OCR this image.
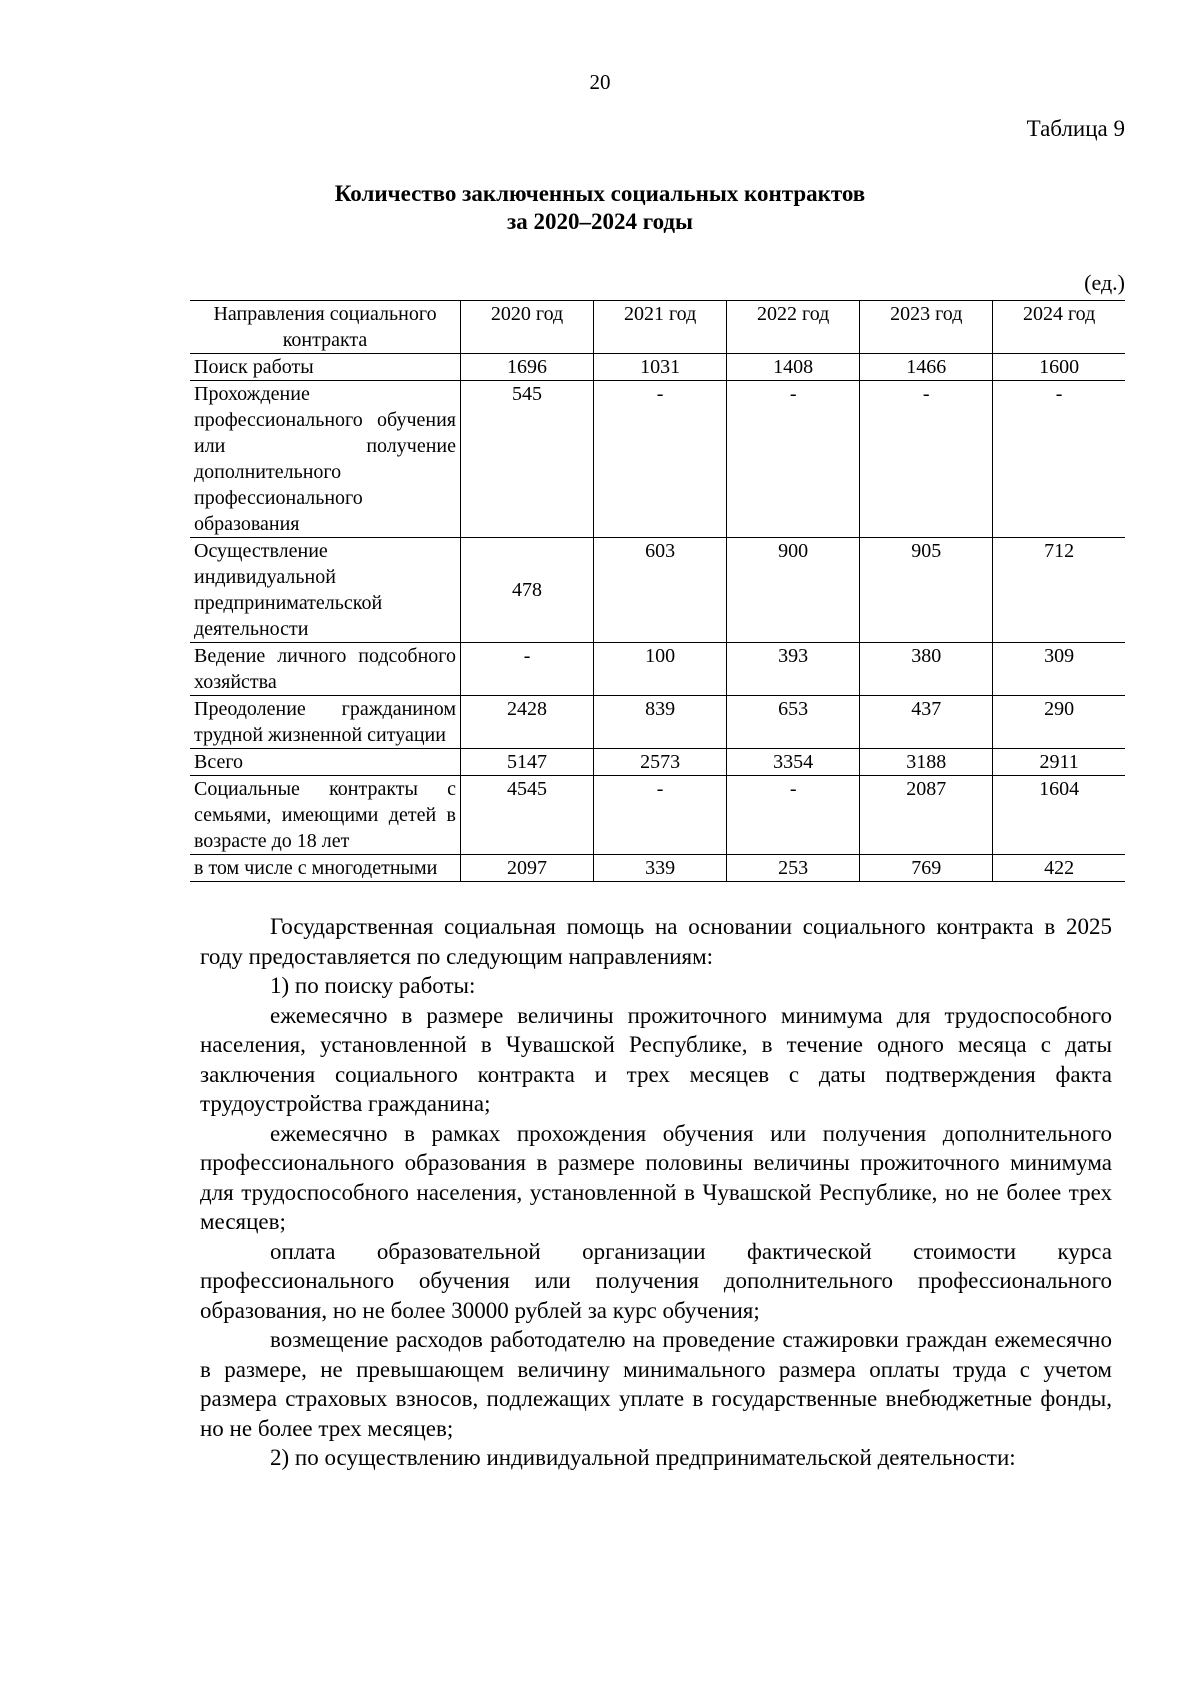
20
Таблица 9
Количество заключенных социальных контрактов
за 2020–2024 годы
(ед.)
Направления социального контракта	2020 год	2021 год	2022 год	2023 год	2024 год
Поиск работы	1696	1031	1408	1466	1600
Прохождение профессионального обучения или получение дополнительного профессионального образования	545	-	-	-	-
Осуществление индивидуальной предпринимательской деятельности	478	603	900	905	712
Ведение личного подсобного хозяйства	-	100	393	380	309
Преодоление гражданином трудной жизненной ситуации	2428	839	653	437	290
Всего	5147	2573	3354	3188	2911
Социальные контракты с семьями, имеющими детей в возрасте до 18 лет	4545	-	-	2087	1604
в том числе с многодетными	2097	339	253	769	422

Государственная социальная помощь на основании социального контракта в 2025 году предоставляется по следующим направлениям:

1) по поиску работы:

ежемесячно в размере величины прожиточного минимума для трудоспособного населения, установленной в Чувашской Республике, в течение одного месяца с даты заключения социального контракта и трех месяцев с даты подтверждения факта трудоустройства гражданина;

ежемесячно в рамках прохождения обучения или получения дополнительного профессионального образования в размере половины величины прожиточного минимума для трудоспособного населения, установленной в Чувашской Республике, но не более трех месяцев;

оплата образовательной организации фактической стоимости курса профессионального обучения или получения дополнительного профессионального образования, но не более 30000 рублей за курс обучения;

возмещение расходов работодателю на проведение стажировки граждан ежемесячно в размере, не превышающем величину минимального размера оплаты труда с учетом размера страховых взносов, подлежащих уплате в государственные внебюджетные фонды, но не более трех месяцев;

2) по осуществлению индивидуальной предпринимательской деятельности:
